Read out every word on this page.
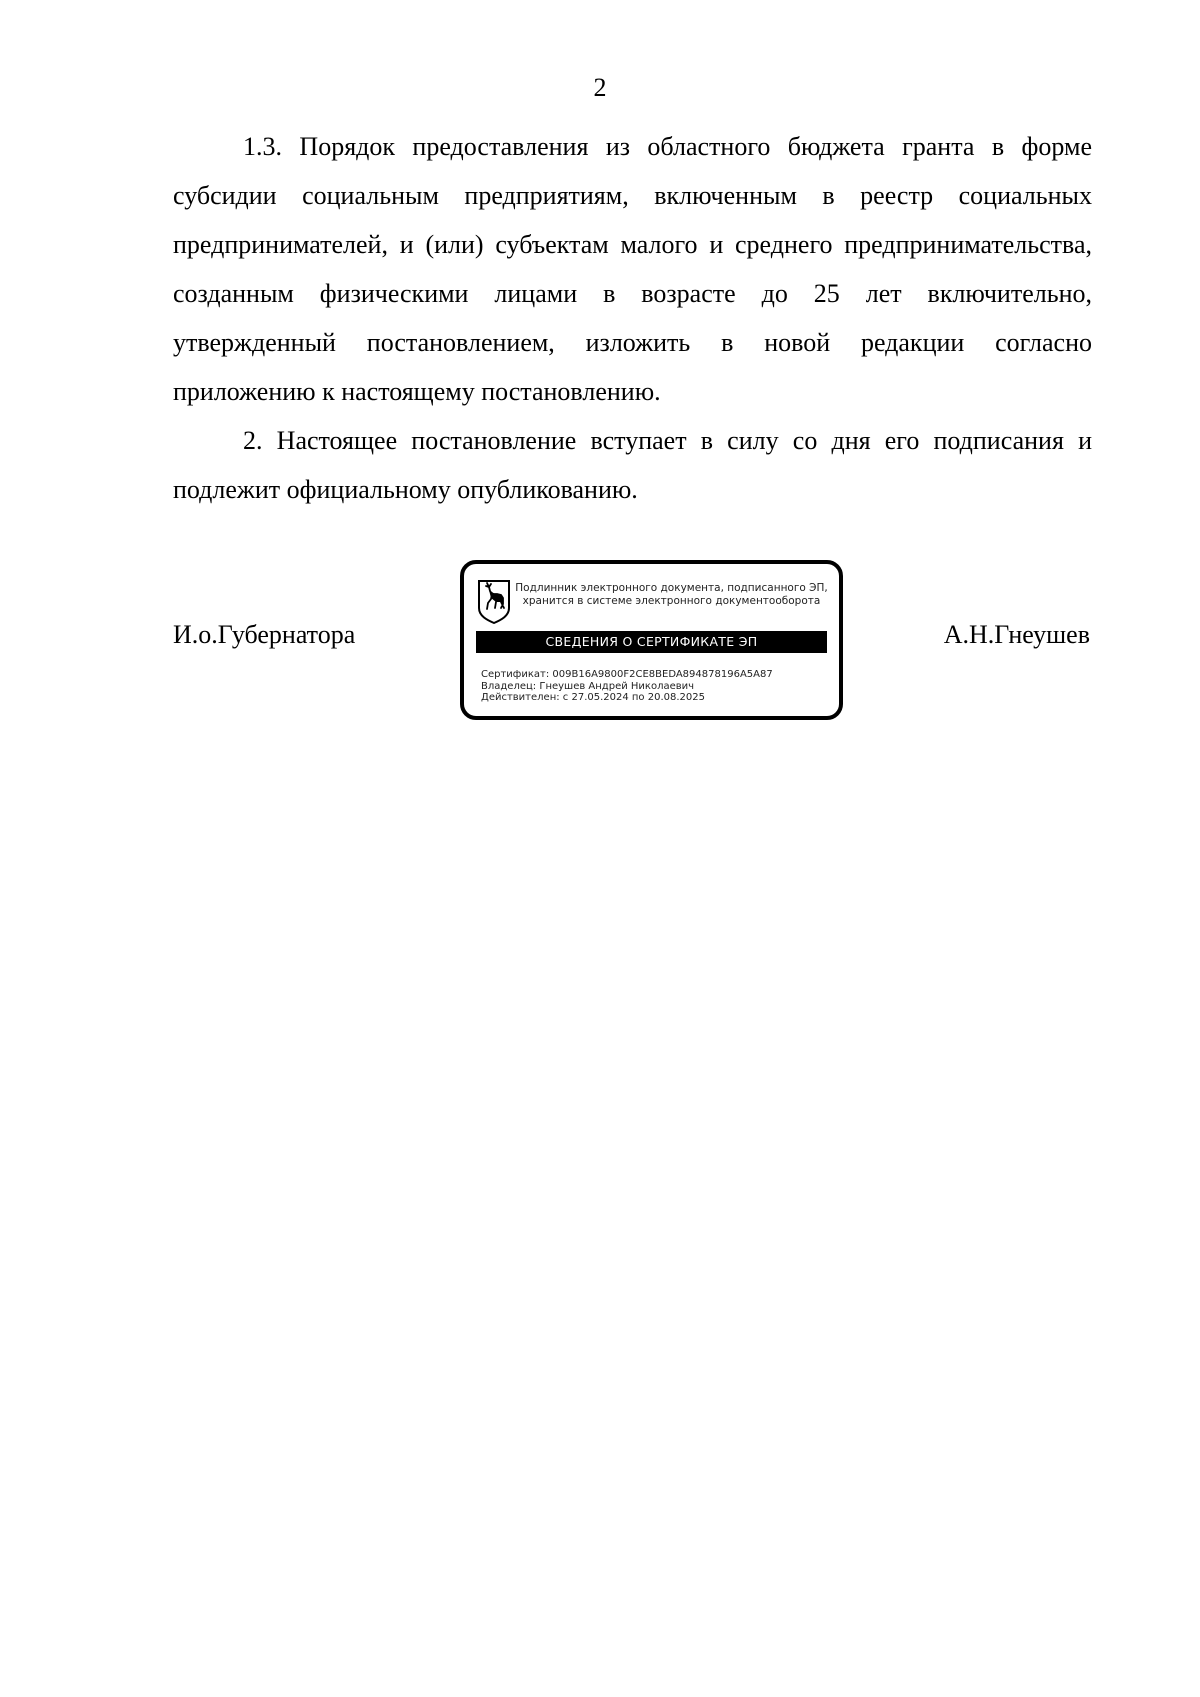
2

1.3. Порядок предоставления из областного бюджета гранта в форме субсидии социальным предприятиям, включенным в реестр социальных предпринимателей, и (или) субъектам малого и среднего предпринимательства, созданным физическими лицами в возрасте до 25 лет включительно, утвержденный постановлением, изложить в новой редакции согласно приложению к настоящему постановлению.

2. Настоящее постановление вступает в силу со дня его подписания и подлежит официальному опубликованию.

И.о.Губернатора
Подлинник электронного документа, подписанного ЭП,
хранится в системе электронного документооборота
СВЕДЕНИЯ О СЕРТИФИКАТЕ ЭП
Сертификат: 009B16A9800F2CE8BEDA894878196A5A87
Владелец: Гнеушев Андрей Николаевич
Действителен: с 27.05.2024 по 20.08.2025
А.Н.Гнеушев
